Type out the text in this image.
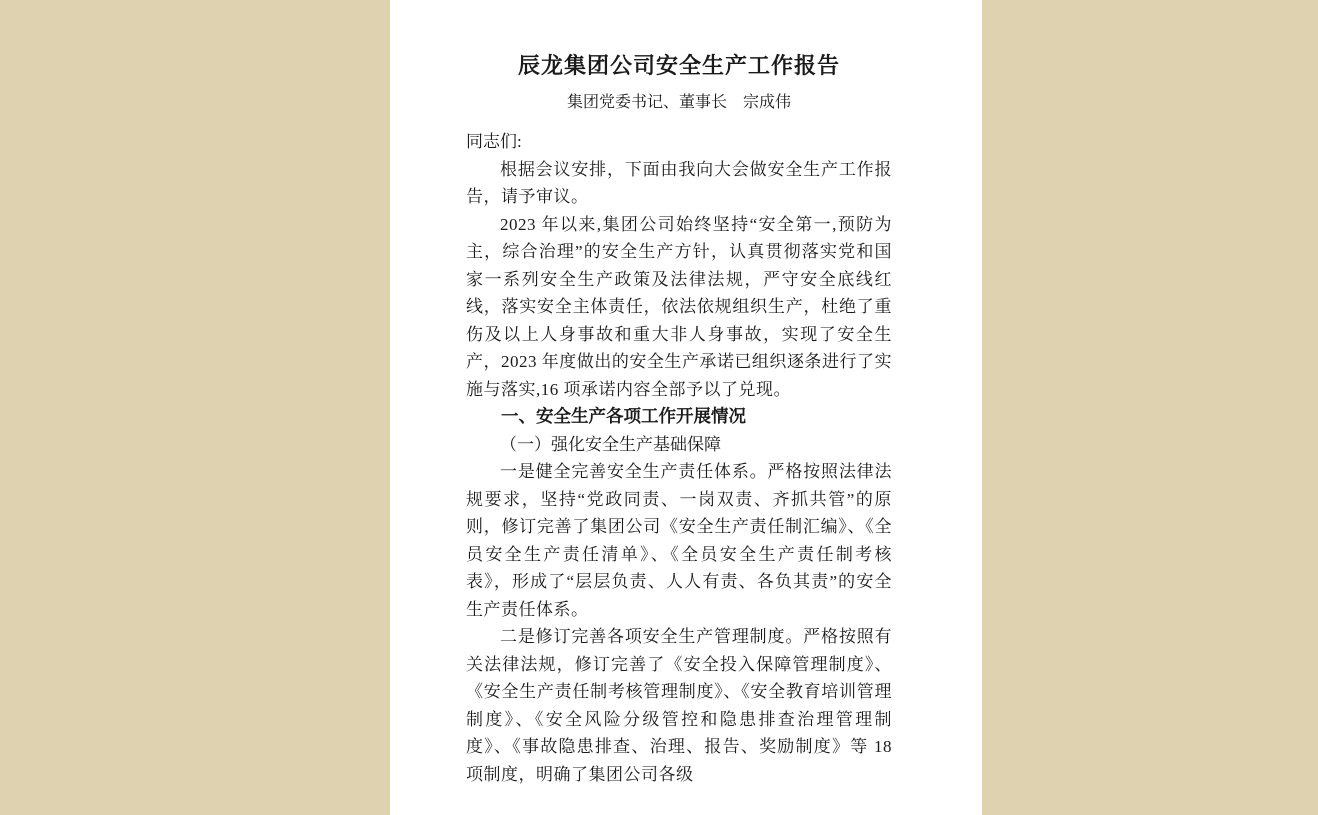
辰龙集团公司安全生产工作报告
集团党委书记、董事长　宗成伟

同志们:

根据会议安排，下面由我向大会做安全生产工作报告，请予审议。

2023 年以来,集团公司始终坚持“安全第一,预防为主，综合治理”的安全生产方针，认真贯彻落实党和国家一系列安全生产政策及法律法规，严守安全底线红线，落实安全主体责任，依法依规组织生产，杜绝了重伤及以上人身事故和重大非人身事故，实现了安全生产，2023 年度做出的安全生产承诺已组织逐条进行了实施与落实,16 项承诺内容全部予以了兑现。

一、安全生产各项工作开展情况

（一）强化安全生产基础保障

一是健全完善安全生产责任体系。严格按照法律法规要求，坚持“党政同责、一岗双责、齐抓共管”的原则，修订完善了集团公司《安全生产责任制汇编》、《全员安全生产责任清单》、《全员安全生产责任制考核表》，形成了“层层负责、人人有责、各负其责”的安全生产责任体系。

二是修订完善各项安全生产管理制度。严格按照有关法律法规，修订完善了《安全投入保障管理制度》、《安全生产责任制考核管理制度》、《安全教育培训管理制度》、《安全风险分级管控和隐患排查治理管理制度》、《事故隐患排查、治理、报告、奖励制度》等 18 项制度，明确了集团公司各级
